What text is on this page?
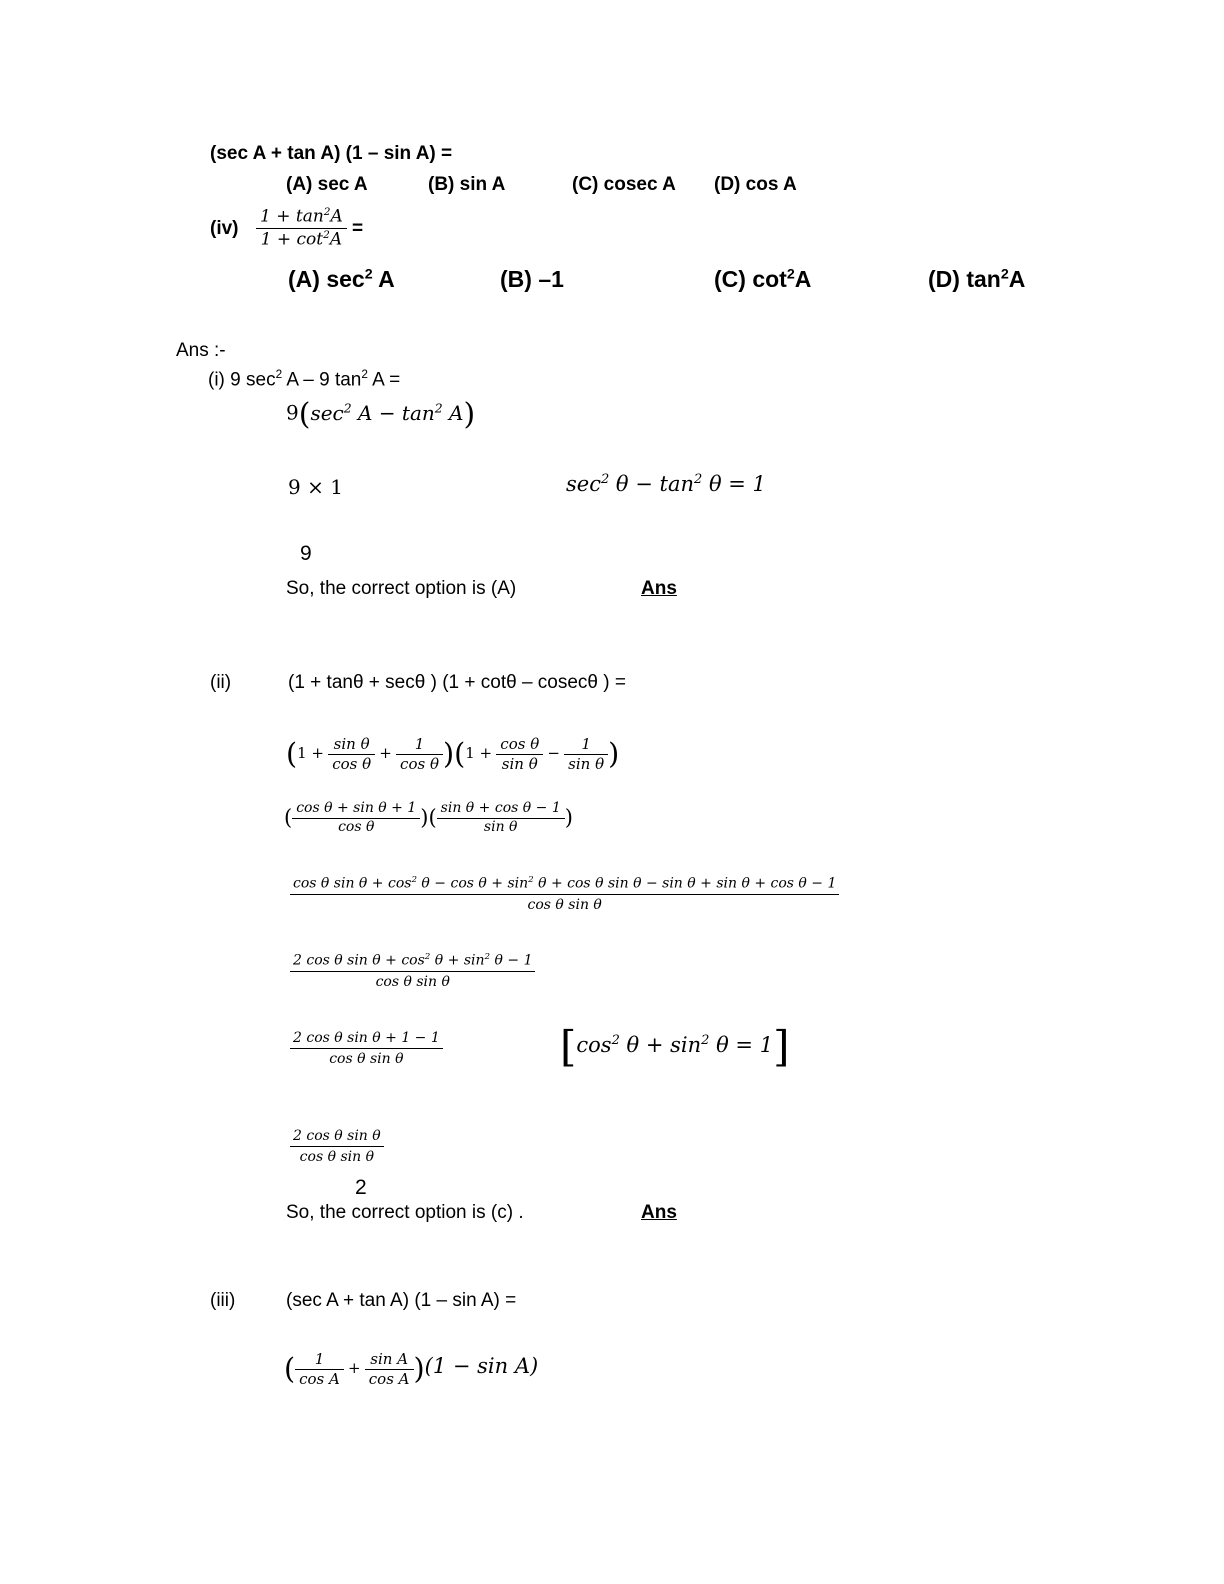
(sec A + tan A) (1 – sin A) =
(A) sec A	(B) sin A	(C) cosec A (D) cos A
$(iv) \frac{1 + \tan^2A}{1 + \cot^2A}$ =
(A) $\sec^2 A$	(B) –1	(C) $\cot^2A$	(D) $\tan^2A$
Ans :-
(i) 9 $\sec^2 A - 9$ $\tan^2 A$ =
$9(\sec^2$ $A - \tan^2 A$)
9 × 1	$\sec^2 \theta - \tan^2 \theta = 1$
9
So, the correct option is (A)	Ans
(ii)	(1 + tanθ + secθ ) (1 + cotθ – cosecθ ) =
$(1 + \frac{\text{sin θ}}{\text{cos θ}} + \frac{1}{\text{cos θ}} )(1 + \frac{\text{cos θ}}{\text{sin θ}} - \frac{1}{\text{sin θ}}$ )
( $\frac{\text{cos θ + sin θ + 1}}{\text{cos θ}}$ )( $\frac{\text{sin θ + cos θ − 1}}{\text{sin θ}}$ )
cos θ $\sin \theta + \cos^2 \theta - \cos \theta + \sin^2 \theta + \cos \theta$ sin θ − sin θ + sin θ + cos θ − 1
cos θ sin θ
$\frac{2 \cos \theta \sin \theta + \cos^2 \theta + \sin^2 \theta - 1}{\text{cos θ sin θ}}$
$\frac{\text{2 cos θ sin θ + 1 − 1}}{\text{cos θ sin θ}}$	[$\cos^2$ $\theta + \sin^2 \theta = 1$]
$\frac{\text{2 cos θ sin θ}}{\text{cos θ sin θ}}$
2
So, the correct option is (c) .	Ans
(iii)	(sec A + tan A) (1 – sin A) =
( $\frac{1}{\text{cos A}} + \frac{\text{sin A}}{\text{cos A}} )(1 - \sin A)$
